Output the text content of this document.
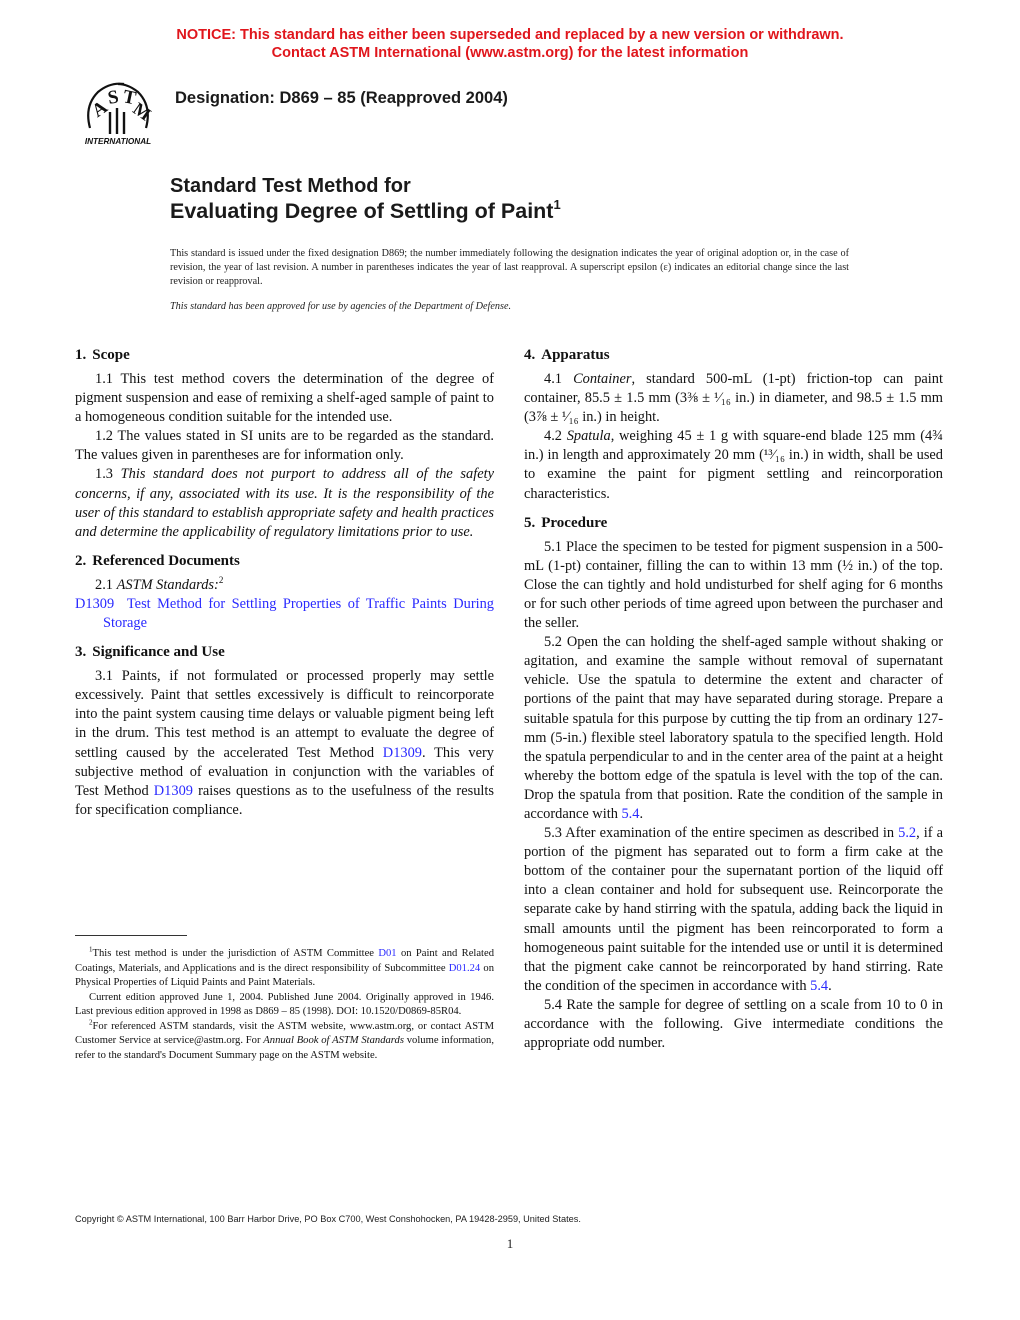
NOTICE: This standard has either been superseded and replaced by a new version or withdrawn.
Contact ASTM International (www.astm.org) for the latest information
A
S T
M
INTERNATIONAL
Designation: D869 – 85 (Reapproved 2004)
Standard Test Method for
Evaluating Degree of Settling of Paint$^1$
This standard is issued under the fixed designation D869; the number immediately following the designation indicates the year of original adoption or, in the case of revision, the year of last revision. A number in parentheses indicates the year of last reapproval. A superscript epsilon (ε) indicates an editorial change since the last revision or reapproval.
This standard has been approved for use by agencies of the Department of Defense.
1. Scope

1.1 This test method covers the determination of the degree of pigment suspension and ease of remixing a shelf-aged sample of paint to a homogeneous condition suitable for the intended use.

1.2 The values stated in SI units are to be regarded as the standard. The values given in parentheses are for information only.

1.3 This standard does not purport to address all of the safety concerns, if any, associated with its use. It is the responsibility of the user of this standard to establish appropriate safety and health practices and determine the applicability of regulatory limitations prior to use.

2. Referenced Documents

2.1 ASTM Standards:$^2$

D1309 Test Method for Settling Properties of Traffic Paints During Storage

3. Significance and Use

3.1 Paints, if not formulated or processed properly may settle excessively. Paint that settles excessively is difficult to reincorporate into the paint system causing time delays or valuable pigment being left in the drum. This test method is an attempt to evaluate the degree of settling caused by the accelerated Test Method D1309. This very subjective method of evaluation in conjunction with the variables of Test Method D1309 raises questions as to the usefulness of the results for specification compliance.

$^1$This test method is under the jurisdiction of ASTM Committee D01 on Paint and Related Coatings, Materials, and Applications and is the direct responsibility of Subcommittee D01.24 on Physical Properties of Liquid Paints and Paint Materials.

Current edition approved June 1, 2004. Published June 2004. Originally approved in 1946. Last previous edition approved in 1998 as D869 – 85 (1998). DOI: 10.1520/D0869-85R04.

$^2$For referenced ASTM standards, visit the ASTM website, www.astm.org, or contact ASTM Customer Service at service@astm.org. For Annual Book of ASTM Standards volume information, refer to the standard's Document Summary page on the ASTM website.

4. Apparatus

4.1 Container, standard 500-mL (1-pt) friction-top can paint container, 85.5 ± 1.5 mm (3⅜ ± ¹⁄₁₆ in.) in diameter, and 98.5 ± 1.5 mm (3⅞ ± ¹⁄₁₆ in.) in height.

4.2 Spatula, weighing 45 ± 1 g with square-end blade 125 mm (4¾ in.) in length and approximately 20 mm (¹³⁄₁₆ in.) in width, shall be used to examine the paint for pigment settling and reincorporation characteristics.

5. Procedure

5.1 Place the specimen to be tested for pigment suspension in a 500-mL (1-pt) container, filling the can to within 13 mm (½ in.) of the top. Close the can tightly and hold undisturbed for shelf aging for 6 months or for such other periods of time agreed upon between the purchaser and the seller.

5.2 Open the can holding the shelf-aged sample without shaking or agitation, and examine the sample without removal of supernatant vehicle. Use the spatula to determine the extent and character of portions of the paint that may have separated during storage. Prepare a suitable spatula for this purpose by cutting the tip from an ordinary 127-mm (5-in.) flexible steel laboratory spatula to the specified length. Hold the spatula perpendicular to and in the center area of the paint at a height whereby the bottom edge of the spatula is level with the top of the can. Drop the spatula from that position. Rate the condition of the sample in accordance with 5.4.

5.3 After examination of the entire specimen as described in 5.2, if a portion of the pigment has separated out to form a firm cake at the bottom of the container pour the supernatant portion of the liquid off into a clean container and hold for subsequent use. Reincorporate the separate cake by hand stirring with the spatula, adding back the liquid in small amounts until the pigment has been reincorporated to form a homogeneous paint suitable for the intended use or until it is determined that the pigment cake cannot be reincorporated by hand stirring. Rate the condition of the specimen in accordance with 5.4.

5.4 Rate the sample for degree of settling on a scale from 10 to 0 in accordance with the following. Give intermediate conditions the appropriate odd number.

Copyright © ASTM International, 100 Barr Harbor Drive, PO Box C700, West Conshohocken, PA 19428-2959, United States.
1
